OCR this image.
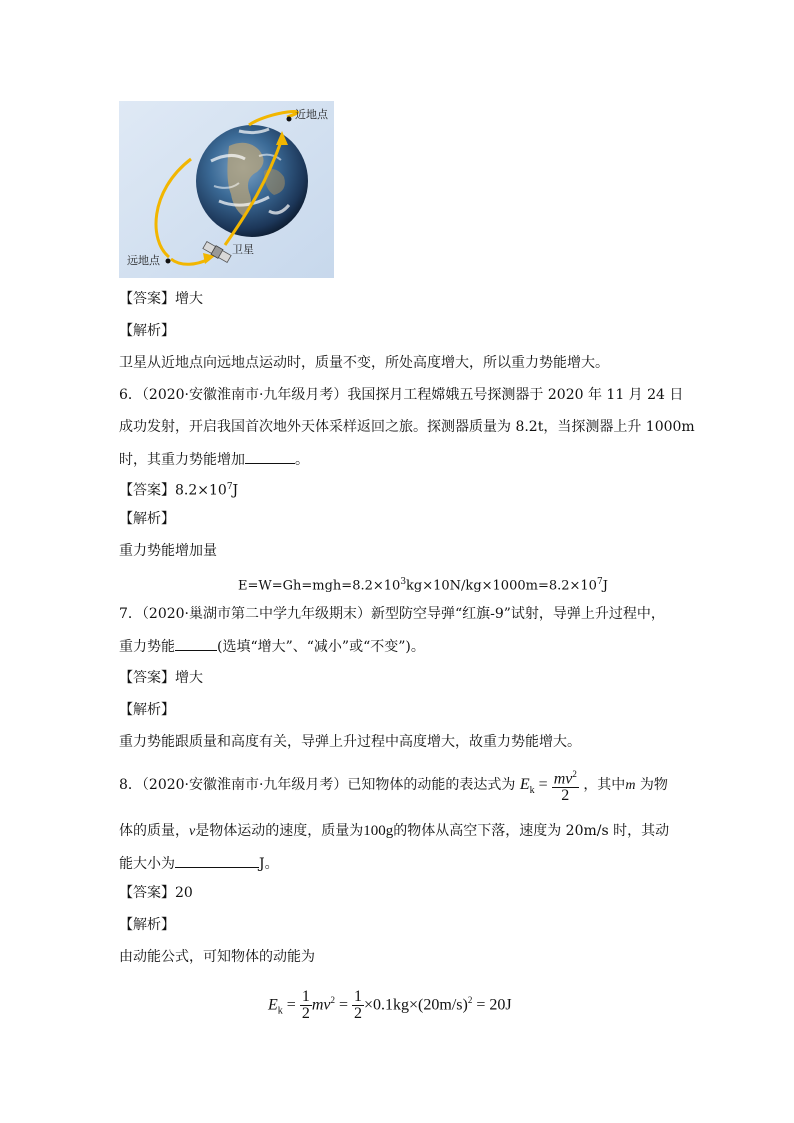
近地点
远地点
卫星
【答案】增大
【解析】
卫星从近地点向远地点运动时，质量不变，所处高度增大，所以重力势能增大。
6．（2020·安徽淮南市·九年级月考）我国探月工程嫦娥五号探测器于 2020 年 11 月 24 日
成功发射，开启我国首次地外天体采样返回之旅。探测器质量为 8.2t，当探测器上升 1000m
时，其重力势能增加	。
【答案】$8.2\times 10^7J$
【解析】
重力势能增加量
$E=W=Gh=mgh=8.2\times 10^3kg\times 10N/kg\times 1000m=8.2\times 10^7J$
7．（2020·巢湖市第二中学九年级期末）新型防空导弹“红旗-9”试射，导弹上升过程中，
重力势能	(选填“增大”、“减小”或“不变”)。
【答案】增大
【解析】
重力势能跟质量和高度有关，导弹上升过程中高度增大，故重力势能增大。
8．（2020·安徽淮南市·九年级月考）已知物体的动能的表达式为 $E_k = \frac{mv^2}{2}$ ，其中m 为物
体的质量，v是物体运动的速度，质量为100g的物体从高空下落，速度为 20m/s 时，其动
能大小为	J。
【答案】20
【解析】
由动能公式，可知物体的动能为
$E_k = \frac{1}{2} mv^2 = \frac{1}{2} \times 0.1kg\times(20m/s)^2 = 20J$
